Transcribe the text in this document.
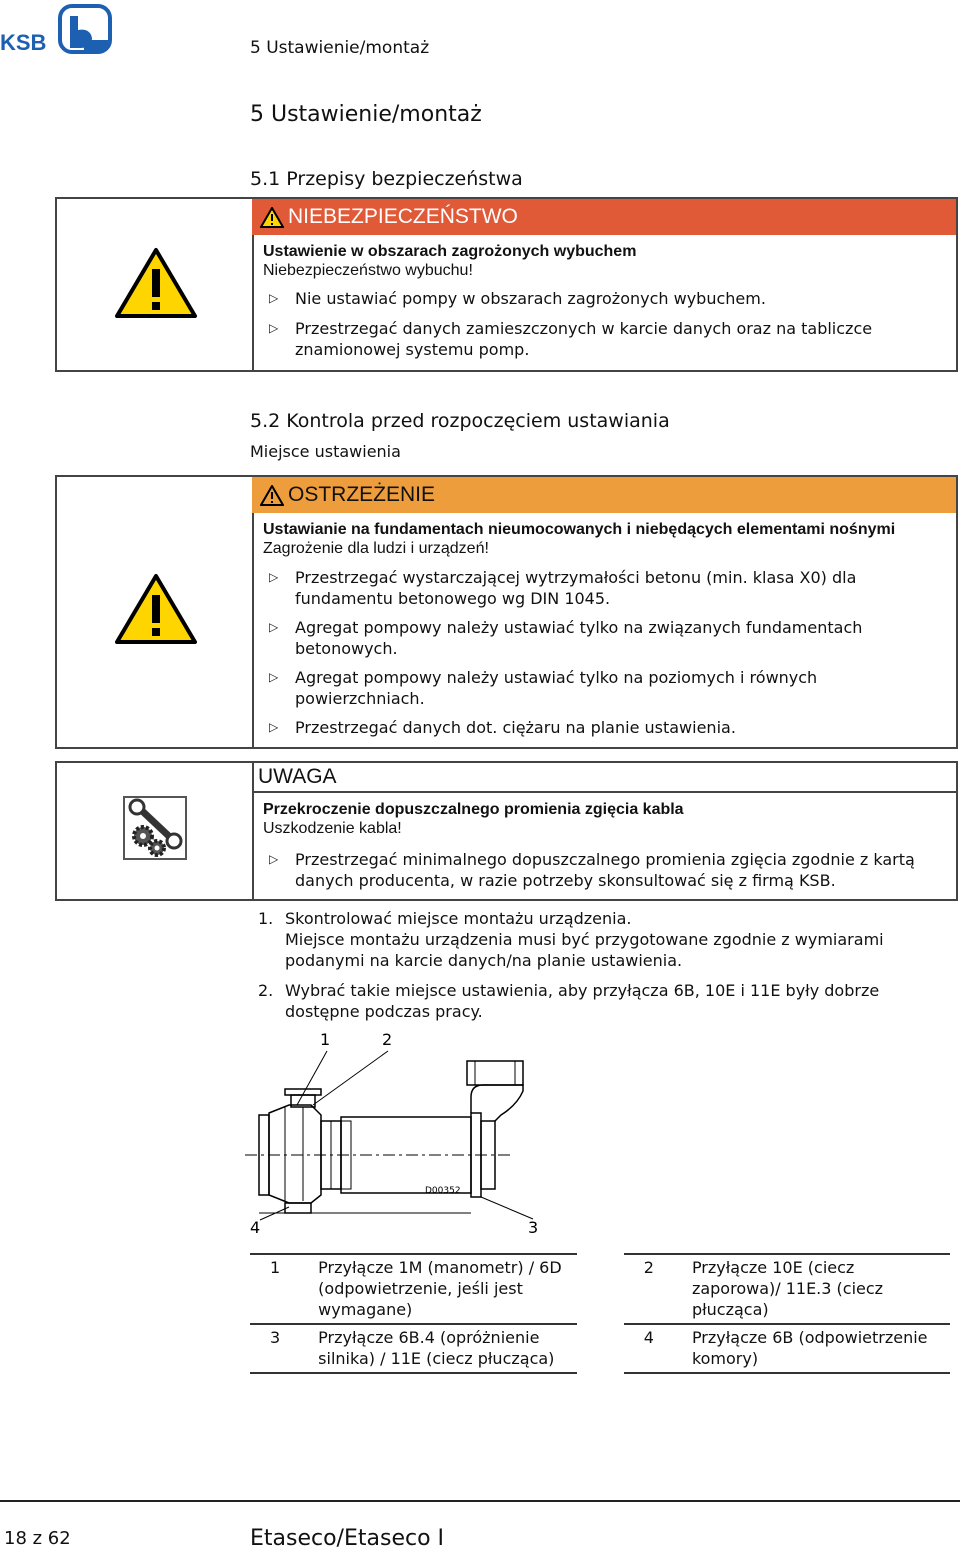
KSB	5 Ustawienie/montaż
5 Ustawienie/montaż
5.1 Przepisy bezpieczeństwa
NIEBEZPIECZEŃSTWO
Ustawienie w obszarach zagrożonych wybuchem
Niebezpieczeństwo wybuchu!
▷ Nie ustawiać pompy w obszarach zagrożonych wybuchem.
▷ Przestrzegać danych zamieszczonych w karcie danych oraz na tabliczce znamionowej systemu pomp.
5.2 Kontrola przed rozpoczęciem ustawiania
Miejsce ustawienia
OSTRZEŻENIE
Ustawianie na fundamentach nieumocowanych i niebędących elementami nośnymi
Zagrożenie dla ludzi i urządzeń!
▷ Przestrzegać wystarczającej wytrzymałości betonu (min. klasa X0) dla fundamentu betonowego wg DIN 1045.
▷ Agregat pompowy należy ustawiać tylko na związanych fundamentach betonowych.
▷ Agregat pompowy należy ustawiać tylko na poziomych i równych powierzchniach.
▷ Przestrzegać danych dot. ciężaru na planie ustawienia.
UWAGA
Przekroczenie dopuszczalnego promienia zgięcia kabla
Uszkodzenie kabla!
▷ Przestrzegać minimalnego dopuszczalnego promienia zgięcia zgodnie z kartą danych producenta, w razie potrzeby skonsultować się z firmą KSB.
1. Skontrolować miejsce montażu urządzenia.
Miejsce montażu urządzenia musi być przygotowane zgodnie z wymiarami podanymi na karcie danych/na planie ustawienia.
2. Wybrać takie miejsce ustawienia, aby przyłącza 6B, 10E i 11E były dobrze dostępne podczas pracy.
1	2
D00352
4	3
1	Przyłącze 1M (manometr) / 6D (odpowietrzenie, jeśli jest wymagane)		2	Przyłącze 10E (ciecz zaporowa)/ 11E.3 (ciecz płucząca)
3	Przyłącze 6B.4 (opróżnienie silnika) / 11E (ciecz płucząca)		4	Przyłącze 6B (odpowietrzenie komory)
18 z 62	Etaseco/Etaseco I
